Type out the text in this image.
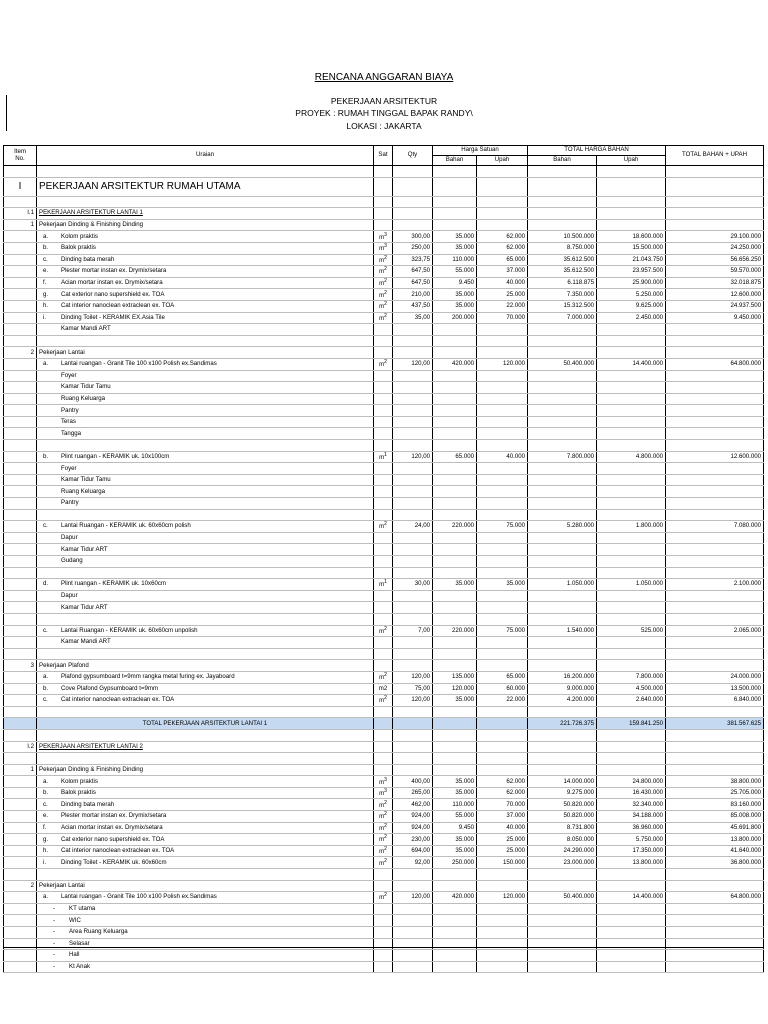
RENCANA ANGGARAN BIAYA
PEKERJAAN ARSITEKTUR
PROYEK : RUMAH TINGGAL BAPAK RANDY\
LOKASI : JAKARTA
Item
No.	Uraian	Sat	Qty	Harga Satuan		TOTAL HARGA BAHAN		TOTAL BAHAN + UPAH
				Bahan	Upah	Bahan	Upah	

I	PEKERJAAN ARSITEKTUR RUMAH UTAMA							

I.1	PEKERJAAN ARSITEKTUR LANTAI 1							
1	Pekerjaan Dinding & Finishing Dinding							
	a. Kolom praktis	$m^3$	300,00	35.000	62.000	10.500.000	18.600.000	29.100.000
	b. Balok praktis	$m^3$	250,00	35.000	62.000	8.750.000	15.500.000	24.250.000
	c. Dinding bata merah	$m^2$	323,75	110.000	65.000	35.612.500	21.043.750	56.656.250
	e. Plester mortar instan ex. Drymix/setara	$m^2$	647,50	55.000	37.000	35.612.500	23.957.500	59.570.000
	f. Acian mortar instan ex. Drymix/setara	$m^2$	647,50	9.450	40.000	6.118.875	25.900.000	32.018.875
	g. Cat exterior nano supershield ex. TOA	$m^2$	210,00	35.000	25.000	7.350.000	5.250.000	12.600.000
	h. Cat interior nanoclean extraclean ex. TOA	$m^2$	437,50	35.000	22.000	15.312.500	9.625.000	24.937.500
	i. Dinding Toilet - KERAMIK EX.Asia Tile	$m^2$	35,00	200.000	70.000	7.000.000	2.450.000	9.450.000
	Kamar Mandi ART							

2	Pekerjaan Lantai							
	a. Lantai ruangan - Granit Tile 100 x100 Polish ex.Sandimas	$m^2$	120,00	420.000	120.000	50.400.000	14.400.000	64.800.000
	Foyer							
	Kamar Tidur Tamu							
	Ruang Keluarga							
	Pantry							
	Teras							
	Tangga							

	b. Plint ruangan - KERAMIK uk. 10x100cm	$m^1$	120,00	65.000	40.000	7.800.000	4.800.000	12.600.000
	Foyer							
	Kamar Tidur Tamu							
	Ruang Keluarga							
	Pantry							

	c. Lantai Ruangan - KERAMIK uk. 60x60cm polish	$m^2$	24,00	220.000	75.000	5.280.000	1.800.000	7.080.000
	Dapur							
	Kamar Tidur ART							
	Gudang							

	d. Plint ruangan - KERAMIK uk. 10x60cm	$m^1$	30,00	35.000	35.000	1.050.000	1.050.000	2.100.000
	Dapur							
	Kamar Tidur ART							

	c. Lantai Ruangan - KERAMIK uk. 60x60cm unpolish	$m^2$	7,00	220.000	75.000	1.540.000	525.000	2.065.000
	Kamar Mandi ART							

3	Pekerjaan Plafond							
	a. Plafond gypsumboard t=9mm rangka metal furing ex. Jayaboard	$m^2$	120,00	135.000	65.000	16.200.000	7.800.000	24.000.000
	b. Cove Plafond Gypsumboard t=9mm	m2	75,00	120.000	60.000	9.000.000	4.500.000	13.500.000
	c. Cat interior nanoclean extraclean ex. TOA	$m^2$	120,00	35.000	22.000	4.200.000	2.640.000	6.840.000

	TOTAL PEKERJAAN ARSITEKTUR LANTAI 1					221.726.375	159.841.250	381.567.625

I.2	PEKERJAAN ARSITEKTUR LANTAI 2							

1	Pekerjaan Dinding & Finishing Dinding							
	a. Kolom praktis	$m^3$	400,00	35.000	62.000	14.000.000	24.800.000	38.800.000
	b. Balok praktis	$m^3$	265,00	35.000	62.000	9.275.000	16.430.000	25.705.000
	c. Dinding bata merah	$m^2$	462,00	110.000	70.000	50.820.000	32.340.000	83.160.000
	e. Plester mortar instan ex. Drymix/setara	$m^2$	924,00	55.000	37.000	50.820.000	34.188.000	85.008.000
	f. Acian mortar instan ex. Drymix/setara	$m^2$	924,00	9.450	40.000	8.731.800	36.960.000	45.691.800
	g. Cat exterior nano supershield ex. TOA	$m^2$	230,00	35.000	25.000	8.050.000	5.750.000	13.800.000
	h. Cat interior nanoclean extraclean ex. TOA	$m^2$	694,00	35.000	25.000	24.290.000	17.350.000	41.640.000
	i. Dinding Toilet - KERAMIK uk. 60x60cm	$m^2$	92,00	250.000	150.000	23.000.000	13.800.000	36.800.000

2	Pekerjaan Lantai							
	a. Lantai ruangan - Granit Tile 100 x100 Polish ex.Sandimas	$m^2$	120,00	420.000	120.000	50.400.000	14.400.000	64.800.000
	- KT utama							
	- WIC							
	- Area Ruang Keluarga							
	- Selasar							
	- Hall							
	- Kt Anak							
